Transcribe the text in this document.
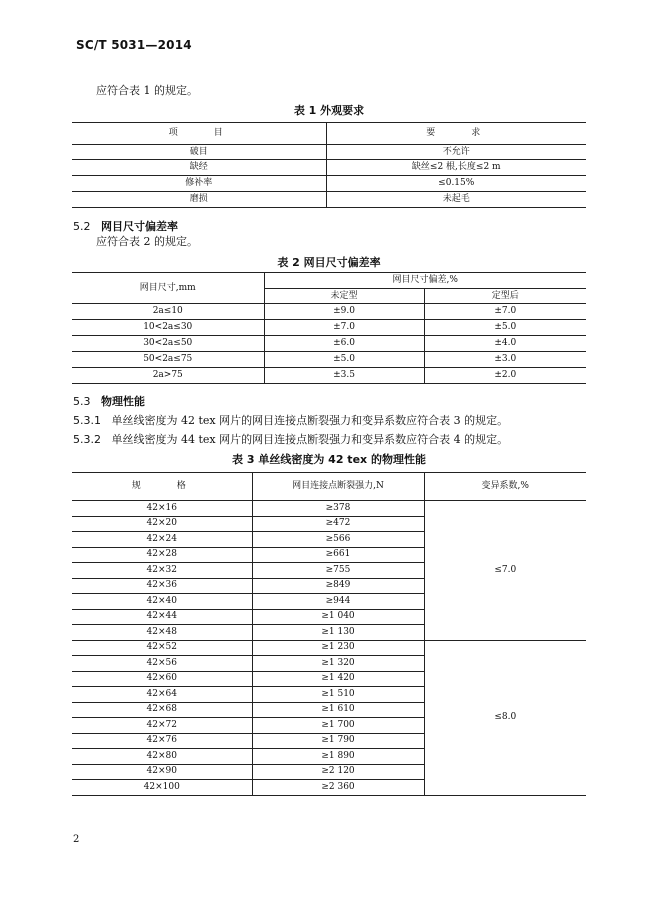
SC/T 5031—2014
应符合表 1 的规定。
表 1 外观要求
项　　目	要　　求
破目	不允许
缺经	缺丝≤2 根,长度≤2 m
修补率	≤0.15%
磨损	未起毛
5.2 网目尺寸偏差率
应符合表 2 的规定。
表 2 网目尺寸偏差率
网目尺寸,mm	网目尺寸偏差,%	
	未定型	定型后
2a≤10	±9.0	±7.0
10<2a≤30	±7.0	±5.0
30<2a≤50	±6.0	±4.0
50<2a≤75	±5.0	±3.0
2a>75	±3.5	±2.0
5.3 物理性能
5.3.1 单丝线密度为 42 tex 网片的网目连接点断裂强力和变异系数应符合表 3 的规定。
5.3.2 单丝线密度为 44 tex 网片的网目连接点断裂强力和变异系数应符合表 4 的规定。
表 3 单丝线密度为 42 tex 的物理性能
规　　格	网目连接点断裂强力,N	变异系数,%
42×16	≥378	≤7.0
42×20	≥472	
42×24	≥566	
42×28	≥661	
42×32	≥755	
42×36	≥849	
42×40	≥944	
42×44	≥1 040	
42×48	≥1 130	
42×52	≥1 230	≤8.0
42×56	≥1 320	
42×60	≥1 420	
42×64	≥1 510	
42×68	≥1 610	
42×72	≥1 700	
42×76	≥1 790	
42×80	≥1 890	
42×90	≥2 120	
42×100	≥2 360	
2
